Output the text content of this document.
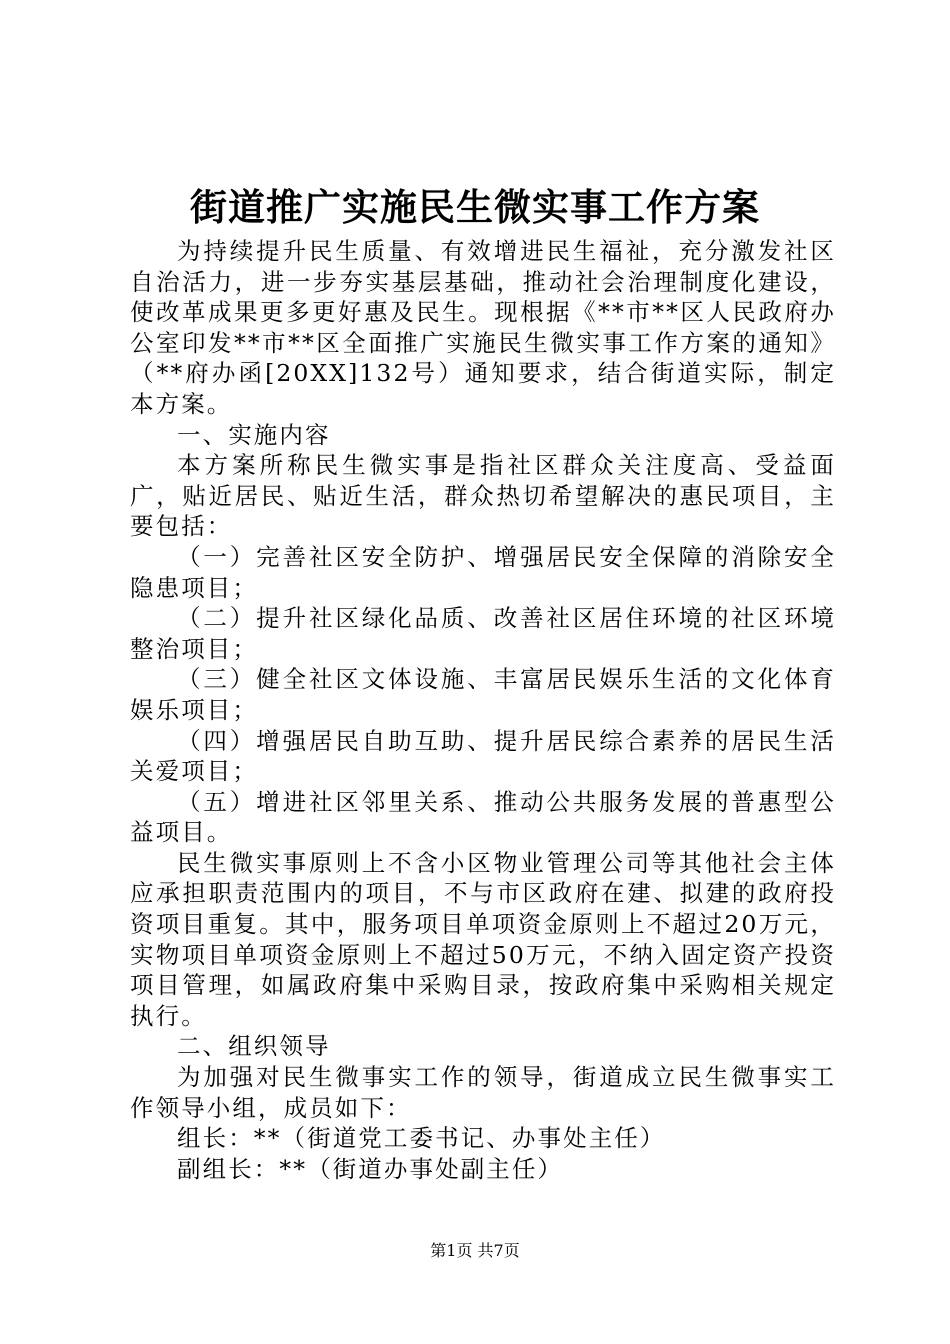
街道推广实施民生微实事工作方案

为持续提升民生质量、有效增进民生福祉，充分激发社区自治活力，进一步夯实基层基础，推动社会治理制度化建设，使改革成果更多更好惠及民生。现根据《**市**区人民政府办公室印发**市**区全面推广实施民生微实事工作方案的通知》（**府办函[20XX]132号）通知要求，结合街道实际，制定本方案。

一、实施内容

本方案所称民生微实事是指社区群众关注度高、受益面广，贴近居民、贴近生活，群众热切希望解决的惠民项目，主要包括：

（一）完善社区安全防护、增强居民安全保障的消除安全隐患项目；

（二）提升社区绿化品质、改善社区居住环境的社区环境整治项目；

（三）健全社区文体设施、丰富居民娱乐生活的文化体育娱乐项目；

（四）增强居民自助互助、提升居民综合素养的居民生活关爱项目；

（五）增进社区邻里关系、推动公共服务发展的普惠型公益项目。

民生微实事原则上不含小区物业管理公司等其他社会主体应承担职责范围内的项目，不与市区政府在建、拟建的政府投资项目重复。其中，服务项目单项资金原则上不超过20万元，实物项目单项资金原则上不超过50万元，不纳入固定资产投资项目管理，如属政府集中采购目录，按政府集中采购相关规定执行。

二、组织领导

为加强对民生微事实工作的领导，街道成立民生微事实工作领导小组，成员如下：

组长：**（街道党工委书记、办事处主任）

副组长：**（街道办事处副主任）

第1页 共7页
